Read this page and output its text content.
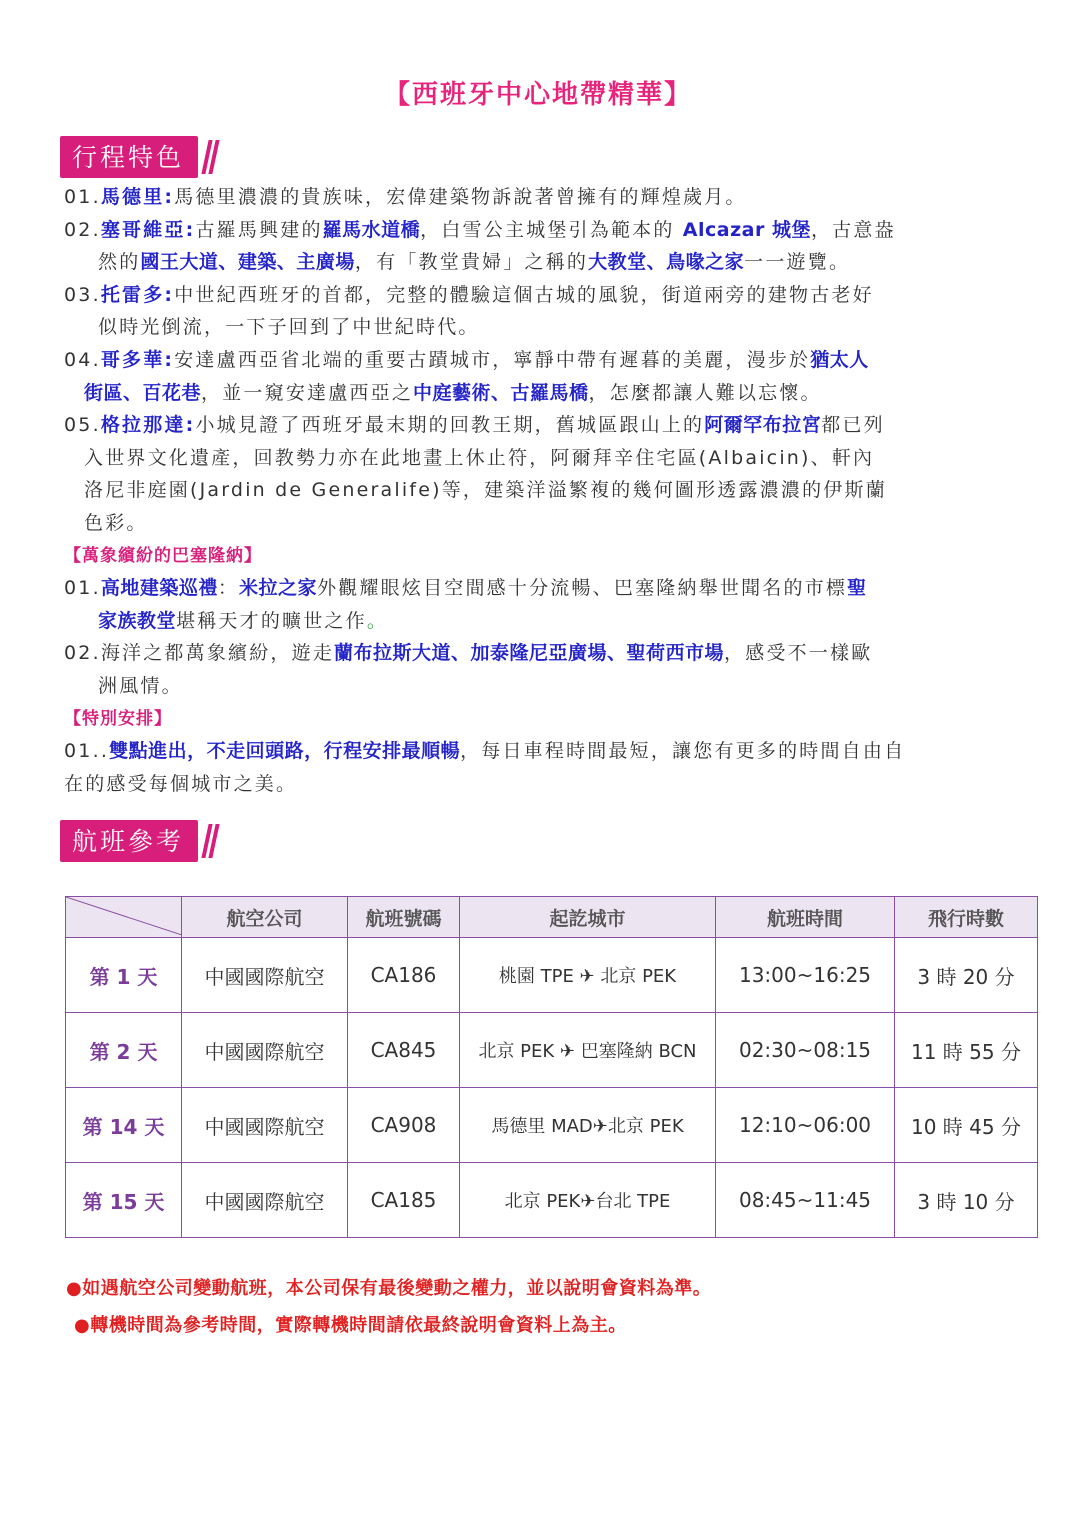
【西班牙中心地帶精華】
行程特色

01.馬德里:馬德里濃濃的貴族味，宏偉建築物訴說著曾擁有的輝煌歲月。

02.塞哥維亞:古羅馬興建的羅馬水道橋，白雪公主城堡引為範本的 Alcazar 城堡，古意盎

然的國王大道、建築、主廣場，有「教堂貴婦」之稱的大教堂、鳥喙之家一一遊覽。

03.托雷多:中世紀西班牙的首都，完整的體驗這個古城的風貌，街道兩旁的建物古老好

似時光倒流，一下子回到了中世紀時代。

04.哥多華:安達盧西亞省北端的重要古蹟城市，寧靜中帶有遲暮的美麗，漫步於猶太人

街區、百花巷，並一窺安達盧西亞之中庭藝術、古羅馬橋，怎麼都讓人難以忘懷。

05.格拉那達:小城見證了西班牙最末期的回教王期，舊城區跟山上的阿爾罕布拉宮都已列

入世界文化遺產，回教勢力亦在此地畫上休止符，阿爾拜辛住宅區(Albaicin)、軒內

洛尼非庭園(Jardin de Generalife)等，建築洋溢繁複的幾何圖形透露濃濃的伊斯蘭

色彩。

【萬象繽紛的巴塞隆納】

01.高地建築巡禮：米拉之家外觀耀眼炫目空間感十分流暢、巴塞隆納舉世聞名的市標聖

家族教堂堪稱天才的曠世之作。

02.海洋之都萬象繽紛，遊走蘭布拉斯大道、加泰隆尼亞廣場、聖荷西市場，感受不一樣歐

洲風情。

【特別安排】

01..雙點進出，不走回頭路，行程安排最順暢，每日車程時間最短，讓您有更多的時間自由自

在的感受每個城市之美。

航班參考
	航空公司	航班號碼	起訖城市	航班時間	飛行時數
第 1 天	中國國際航空	CA186	桃園 TPE ✈ 北京 PEK	13:00~16:25	3 時 20 分
第 2 天	中國國際航空	CA845	北京 PEK ✈ 巴塞隆納 BCN	02:30~08:15	11 時 55 分
第 14 天	中國國際航空	CA908	馬德里 MAD✈北京 PEK	12:10~06:00	10 時 45 分
第 15 天	中國國際航空	CA185	北京 PEK✈台北 TPE	08:45~11:45	3 時 10 分

●如遇航空公司變動航班，本公司保有最後變動之權力，並以說明會資料為準。

●轉機時間為參考時間，實際轉機時間請依最終說明會資料上為主。
